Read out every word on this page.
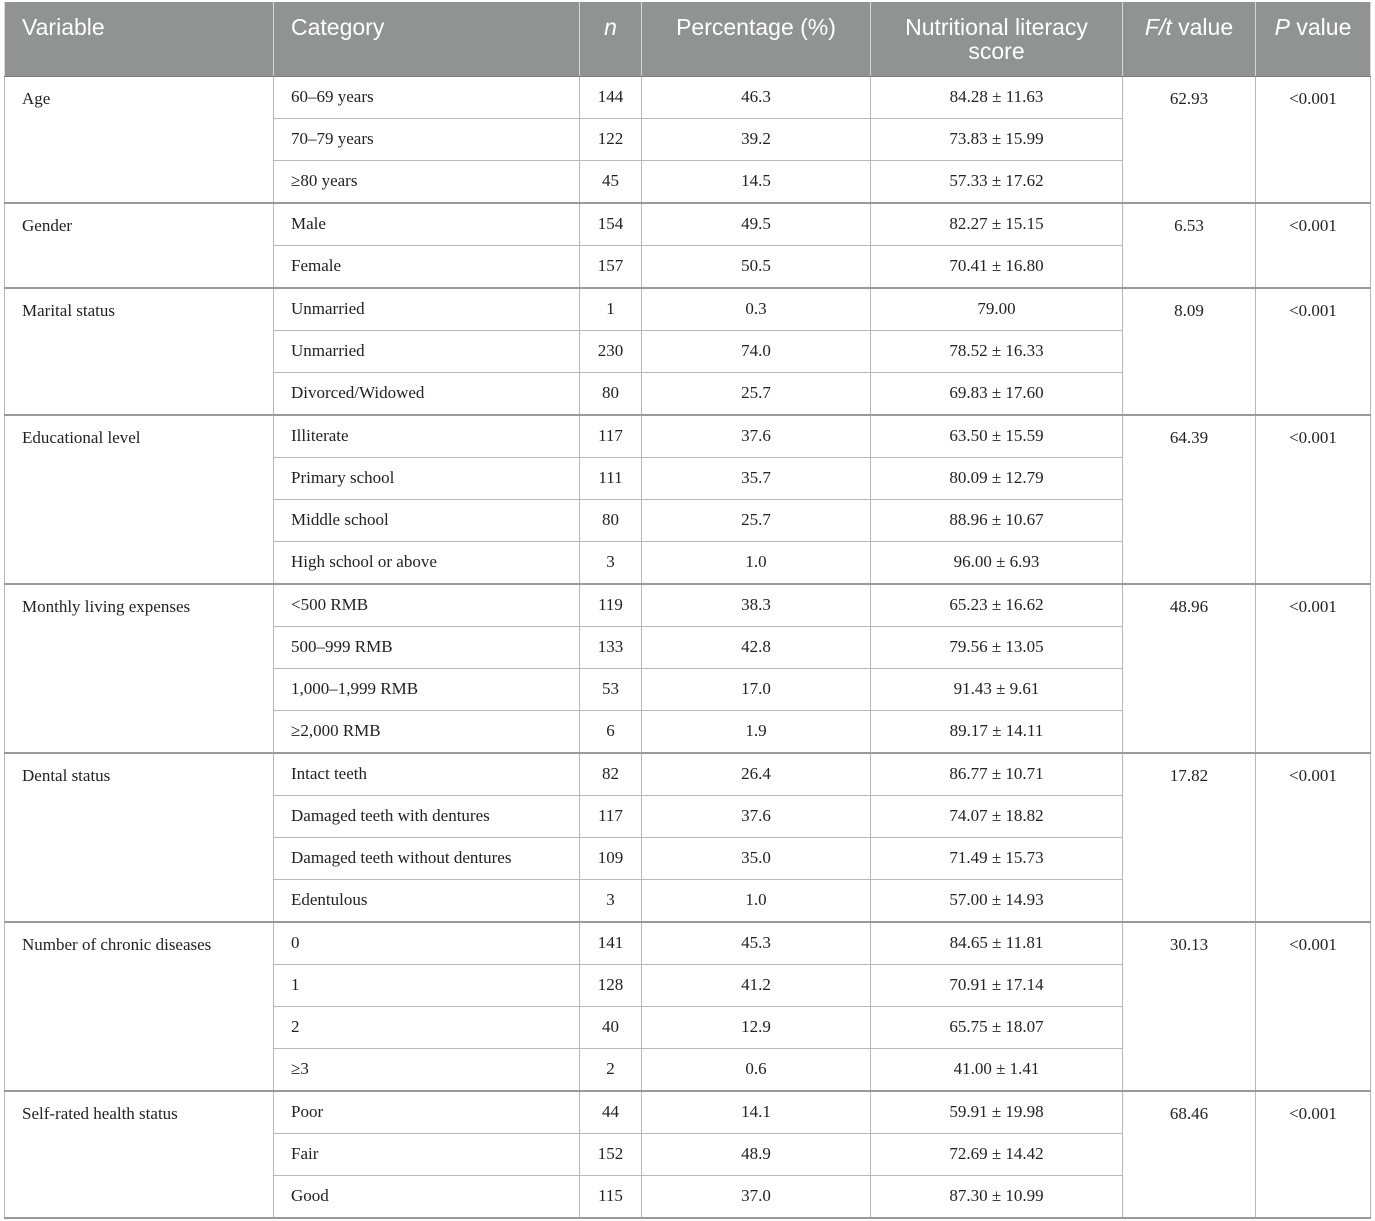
Variable	Category	n	Percentage (%)	Nutritional literacy score	F/t value	P value
Age	60–69 years	144	46.3	84.28 ± 11.63	62.93	<0.001
	70–79 years	122	39.2	73.83 ± 15.99		
	≥80 years	45	14.5	57.33 ± 17.62		
Gender	Male	154	49.5	82.27 ± 15.15	6.53	<0.001
	Female	157	50.5	70.41 ± 16.80		
Marital status	Unmarried	1	0.3	79.00	8.09	<0.001
	Unmarried	230	74.0	78.52 ± 16.33		
	Divorced/Widowed	80	25.7	69.83 ± 17.60		
Educational level	Illiterate	117	37.6	63.50 ± 15.59	64.39	<0.001
	Primary school	111	35.7	80.09 ± 12.79		
	Middle school	80	25.7	88.96 ± 10.67		
	High school or above	3	1.0	96.00 ± 6.93		
Monthly living expenses	<500 RMB	119	38.3	65.23 ± 16.62	48.96	<0.001
	500–999 RMB	133	42.8	79.56 ± 13.05		
	1,000–1,999 RMB	53	17.0	91.43 ± 9.61		
	≥2,000 RMB	6	1.9	89.17 ± 14.11		
Dental status	Intact teeth	82	26.4	86.77 ± 10.71	17.82	<0.001
	Damaged teeth with dentures	117	37.6	74.07 ± 18.82		
	Damaged teeth without dentures	109	35.0	71.49 ± 15.73		
	Edentulous	3	1.0	57.00 ± 14.93		
Number of chronic diseases	0	141	45.3	84.65 ± 11.81	30.13	<0.001
	1	128	41.2	70.91 ± 17.14		
	2	40	12.9	65.75 ± 18.07		
	≥3	2	0.6	41.00 ± 1.41		
Self-rated health status	Poor	44	14.1	59.91 ± 19.98	68.46	<0.001
	Fair	152	48.9	72.69 ± 14.42		
	Good	115	37.0	87.30 ± 10.99		
